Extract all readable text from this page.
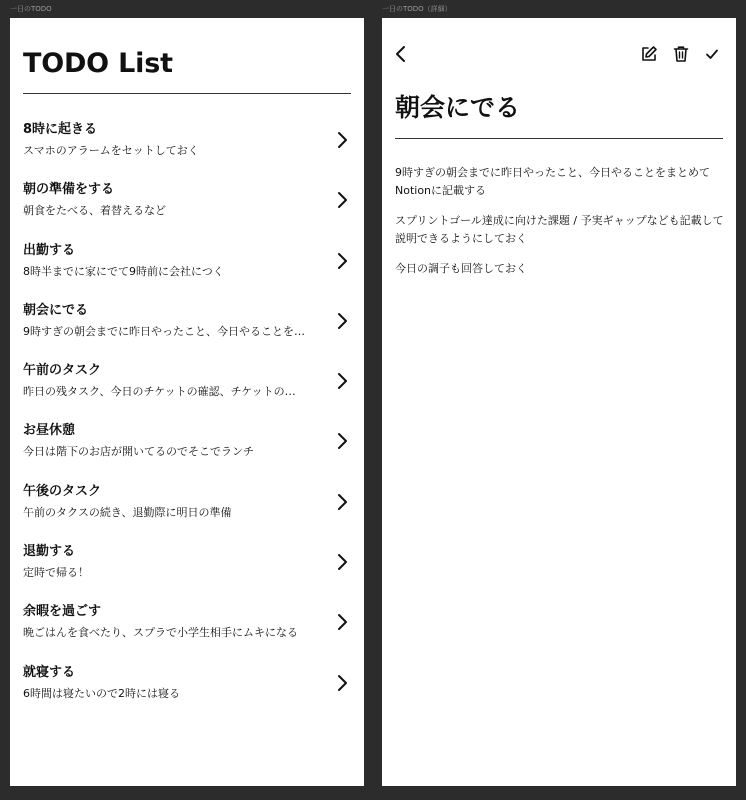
一日のTODO	一日のTODO（詳細）
TODO List
8時に起きる
スマホのアラームをセットしておく
朝の準備をする
朝食をたべる、着替えるなど
出勤する
8時半までに家にでて9時前に会社につく
朝会にでる
9時すぎの朝会までに昨日やったこと、今日やることを…
午前のタスク
昨日の残タスク、今日のチケットの確認、チケットの…
お昼休憩
今日は階下のお店が開いてるのでそこでランチ
午後のタスク
午前のタクスの続き、退勤際に明日の準備
退勤する
定時で帰る！
余暇を過ごす
晩ごはんを食べたり、スプラで小学生相手にムキになる
就寝する
6時間は寝たいので2時には寝る
朝会にでる

9時すぎの朝会までに昨日やったこと、今日やることをまとめてNotionに記載する

スプリントゴール達成に向けた課題 / 予実ギャップなども記載して説明できるようにしておく

今日の調子も回答しておく
